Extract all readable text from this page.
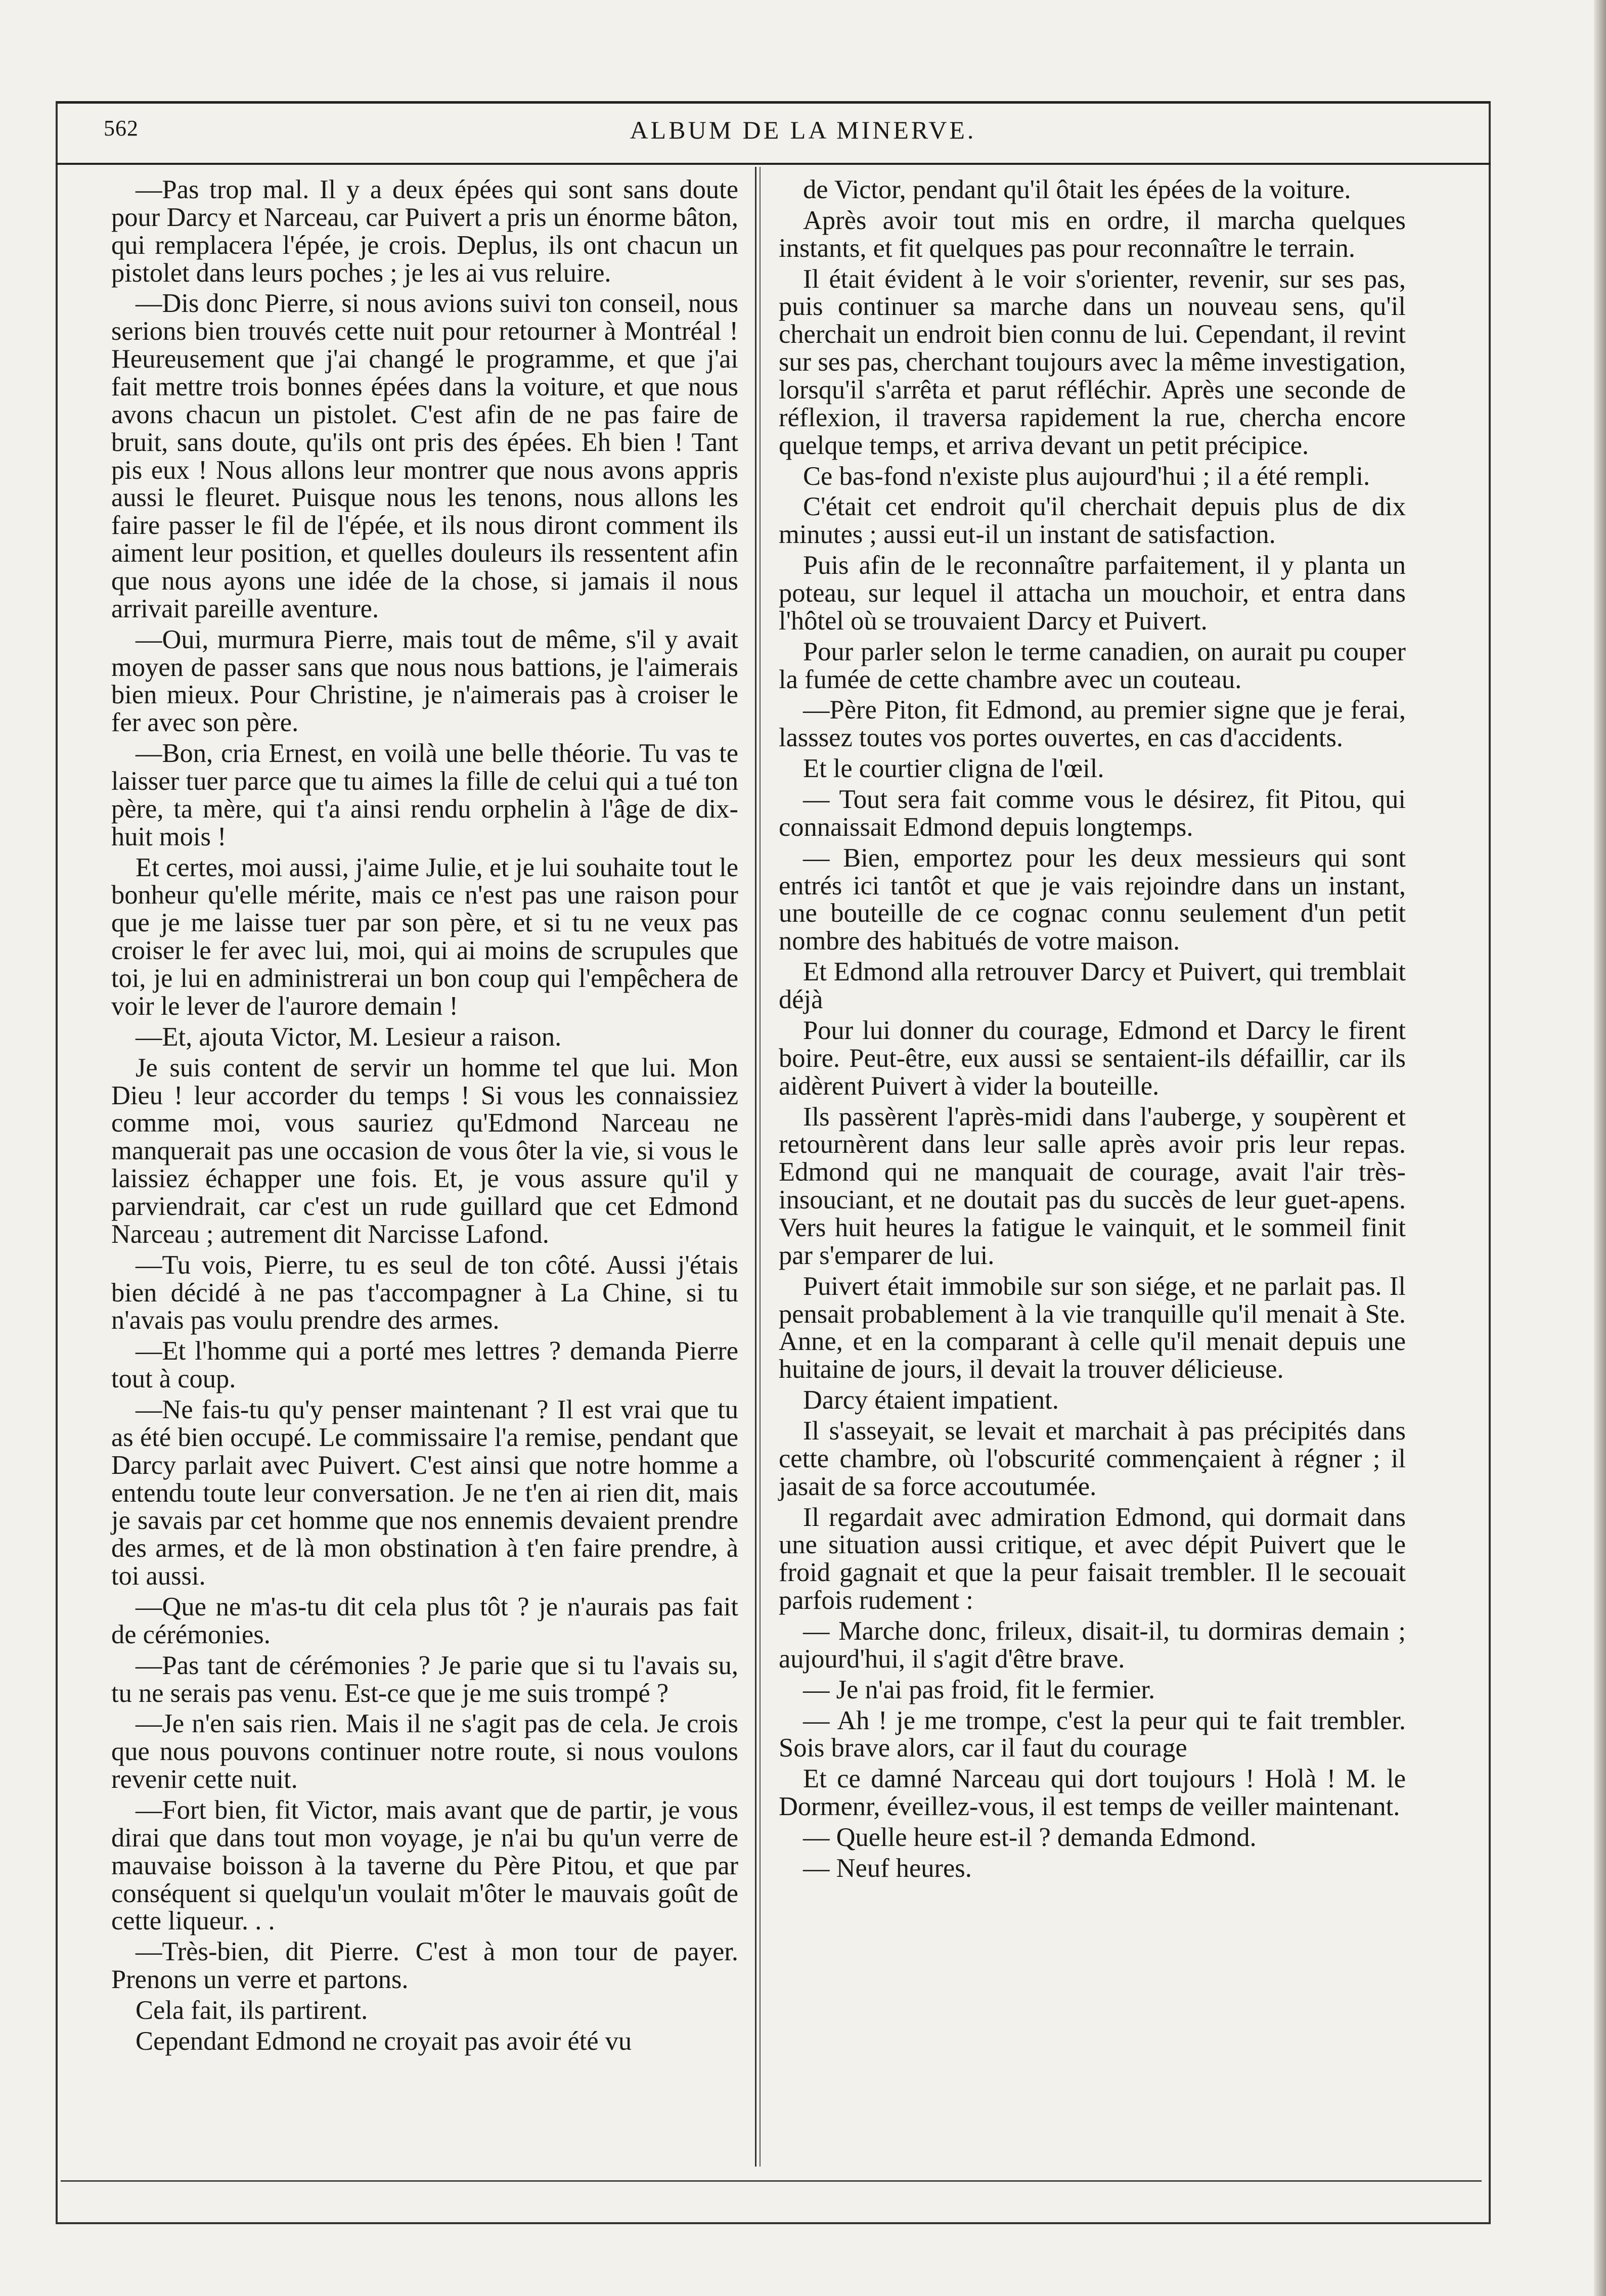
562	ALBUM DE LA MINERVE.

—Pas trop mal. Il y a deux épées qui sont sans doute pour Darcy et Narceau, car Puivert a pris un énorme bâton, qui remplacera l'épée, je crois. Deplus, ils ont chacun un pistolet dans leurs poches ; je les ai vus reluire.

—Dis donc Pierre, si nous avions suivi ton conseil, nous serions bien trouvés cette nuit pour retourner à Montréal ! Heureusement que j'ai changé le programme, et que j'ai fait mettre trois bonnes épées dans la voiture, et que nous avons chacun un pistolet. C'est afin de ne pas faire de bruit, sans doute, qu'ils ont pris des épées. Eh bien ! Tant pis eux ! Nous allons leur montrer que nous avons appris aussi le fleuret. Puisque nous les tenons, nous allons les faire passer le fil de l'épée, et ils nous diront comment ils aiment leur position, et quelles douleurs ils ressentent afin que nous ayons une idée de la chose, si jamais il nous arrivait pareille aventure.

—Oui, murmura Pierre, mais tout de même, s'il y avait moyen de passer sans que nous nous battions, je l'aimerais bien mieux. Pour Christine, je n'aimerais pas à croiser le fer avec son père.

—Bon, cria Ernest, en voilà une belle théorie. Tu vas te laisser tuer parce que tu aimes la fille de celui qui a tué ton père, ta mère, qui t'a ainsi rendu orphelin à l'âge de dix-huit mois !

Et certes, moi aussi, j'aime Julie, et je lui souhaite tout le bonheur qu'elle mérite, mais ce n'est pas une raison pour que je me laisse tuer par son père, et si tu ne veux pas croiser le fer avec lui, moi, qui ai moins de scrupules que toi, je lui en administrerai un bon coup qui l'empêchera de voir le lever de l'aurore demain !

—Et, ajouta Victor, M. Lesieur a raison.

Je suis content de servir un homme tel que lui. Mon Dieu ! leur accorder du temps ! Si vous les connaissiez comme moi, vous sauriez qu'Edmond Narceau ne manquerait pas une occasion de vous ôter la vie, si vous le laissiez échapper une fois. Et, je vous assure qu'il y parviendrait, car c'est un rude guillard que cet Edmond Narceau ; autrement dit Narcisse Lafond.

—Tu vois, Pierre, tu es seul de ton côté. Aussi j'étais bien décidé à ne pas t'accompagner à La Chine, si tu n'avais pas voulu prendre des armes.

—Et l'homme qui a porté mes lettres ? demanda Pierre tout à coup.

—Ne fais-tu qu'y penser maintenant ? Il est vrai que tu as été bien occupé. Le commissaire l'a remise, pendant que Darcy parlait avec Puivert. C'est ainsi que notre homme a entendu toute leur conversation. Je ne t'en ai rien dit, mais je savais par cet homme que nos ennemis devaient prendre des armes, et de là mon obstination à t'en faire prendre, à toi aussi.

—Que ne m'as-tu dit cela plus tôt ? je n'aurais pas fait de cérémonies.

—Pas tant de cérémonies ? Je parie que si tu l'avais su, tu ne serais pas venu. Est-ce que je me suis trompé ?

—Je n'en sais rien. Mais il ne s'agit pas de cela. Je crois que nous pouvons continuer notre route, si nous voulons revenir cette nuit.

—Fort bien, fit Victor, mais avant que de partir, je vous dirai que dans tout mon voyage, je n'ai bu qu'un verre de mauvaise boisson à la taverne du Père Pitou, et que par conséquent si quelqu'un voulait m'ôter le mauvais goût de cette liqueur. . .

—Très-bien, dit Pierre. C'est à mon tour de payer. Prenons un verre et partons.

Cela fait, ils partirent.

Cependant Edmond ne croyait pas avoir été vu

de Victor, pendant qu'il ôtait les épées de la voiture.

Après avoir tout mis en ordre, il marcha quelques instants, et fit quelques pas pour reconnaître le terrain.

Il était évident à le voir s'orienter, revenir, sur ses pas, puis continuer sa marche dans un nouveau sens, qu'il cherchait un endroit bien connu de lui. Cependant, il revint sur ses pas, cherchant toujours avec la même investigation, lorsqu'il s'arrêta et parut réfléchir. Après une seconde de réflexion, il traversa rapidement la rue, chercha encore quelque temps, et arriva devant un petit précipice.

Ce bas-fond n'existe plus aujourd'hui ; il a été rempli.

C'était cet endroit qu'il cherchait depuis plus de dix minutes ; aussi eut-il un instant de satisfaction.

Puis afin de le reconnaître parfaitement, il y planta un poteau, sur lequel il attacha un mouchoir, et entra dans l'hôtel où se trouvaient Darcy et Puivert.

Pour parler selon le terme canadien, on aurait pu couper la fumée de cette chambre avec un couteau.

—Père Piton, fit Edmond, au premier signe que je ferai, lasssez toutes vos portes ouvertes, en cas d'accidents.

Et le courtier cligna de l'œil.

— Tout sera fait comme vous le désirez, fit Pitou, qui connaissait Edmond depuis longtemps.

— Bien, emportez pour les deux messieurs qui sont entrés ici tantôt et que je vais rejoindre dans un instant, une bouteille de ce cognac connu seulement d'un petit nombre des habitués de votre maison.

Et Edmond alla retrouver Darcy et Puivert, qui tremblait déjà

Pour lui donner du courage, Edmond et Darcy le firent boire. Peut-être, eux aussi se sentaient-ils défaillir, car ils aidèrent Puivert à vider la bouteille.

Ils passèrent l'après-midi dans l'auberge, y soupèrent et retournèrent dans leur salle après avoir pris leur repas. Edmond qui ne manquait de courage, avait l'air très-insouciant, et ne doutait pas du succès de leur guet-apens. Vers huit heures la fatigue le vainquit, et le sommeil finit par s'emparer de lui.

Puivert était immobile sur son siége, et ne parlait pas. Il pensait probablement à la vie tranquille qu'il menait à Ste. Anne, et en la comparant à celle qu'il menait depuis une huitaine de jours, il devait la trouver délicieuse.

Darcy étaient impatient.

Il s'asseyait, se levait et marchait à pas précipités dans cette chambre, où l'obscurité commençaient à régner ; il jasait de sa force accoutumée.

Il regardait avec admiration Edmond, qui dormait dans une situation aussi critique, et avec dépit Puivert que le froid gagnait et que la peur faisait trembler. Il le secouait parfois rudement :

— Marche donc, frileux, disait-il, tu dormiras demain ; aujourd'hui, il s'agit d'être brave.

— Je n'ai pas froid, fit le fermier.

— Ah ! je me trompe, c'est la peur qui te fait trembler. Sois brave alors, car il faut du courage

Et ce damné Narceau qui dort toujours ! Holà ! M. le Dormenr, éveillez-vous, il est temps de veiller maintenant.

— Quelle heure est-il ? demanda Edmond.

— Neuf heures.
